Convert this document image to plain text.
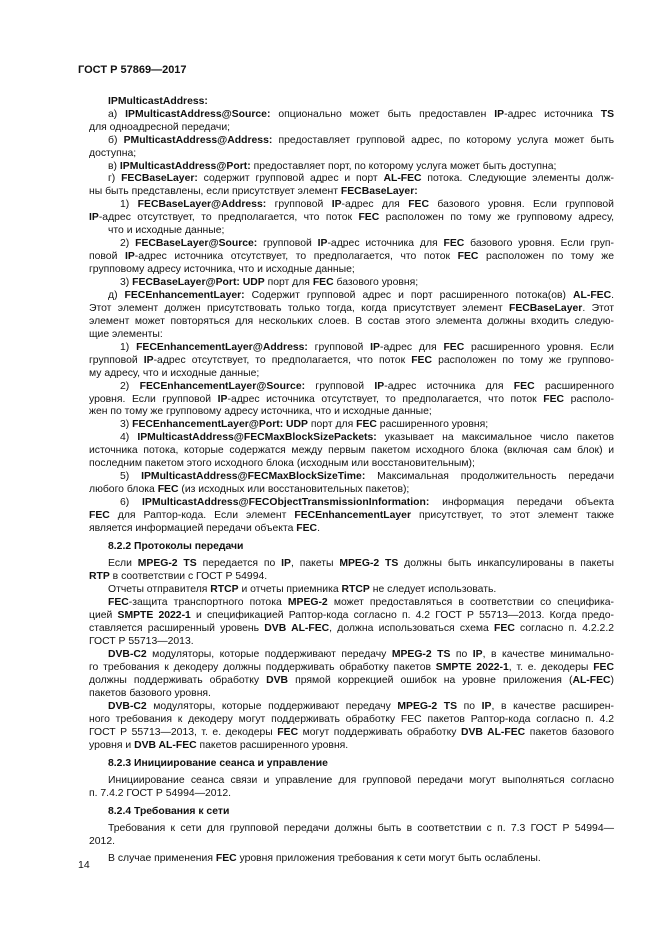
ГОСТ Р 57869—2017
IPMulticastAddress:
а) IPMulticastAddress@Source: опционально может быть предоставлен IP-адрес источника TS
для одноадресной передачи;
б) PMulticastAddress@Address: предоставляет групповой адрес, по которому услуга может быть
доступна;
в) IPMulticastAddress@Port: предоставляет порт, по которому услуга может быть доступна;
г) FECBaseLayer: содержит групповой адрес и порт AL-FEC потока. Следующие элементы долж-
ны быть представлены, если присутствует элемент FECBaseLayer:
1) FECBaseLayer@Address: групповой IP-адрес для FEC базового уровня. Если групповой
IP-адрес отсутствует, то предполагается, что поток FEC расположен по тому же групповому адресу,
что и исходные данные;
2) FECBaseLayer@Source: групповой IP-адрес источника для FEC базового уровня. Если груп-
повой IP-адрес источника отсутствует, то предполагается, что поток FEC расположен по тому же
групповому адресу источника, что и исходные данные;
3) FECBaseLayer@Port: UDP порт для FEC базового уровня;
д) FECEnhancementLayer: Содержит групповой адрес и порт расширенного потока(ов) AL-FEC.
Этот элемент должен присутствовать только тогда, когда присутствует элемент FECBaseLayer. Этот
элемент может повторяться для нескольких слоев. В состав этого элемента должны входить следую-
щие элементы:
1) FECEnhancementLayer@Address: групповой IP-адрес для FEC расширенного уровня. Если
групповой IP-адрес отсутствует, то предполагается, что поток FEC расположен по тому же группово-
му адресу, что и исходные данные;
2) FECEnhancementLayer@Source: групповой IP-адрес источника для FEC расширенного
уровня. Если групповой IP-адрес источника отсутствует, то предполагается, что поток FEC располо-
жен по тому же групповому адресу источника, что и исходные данные;
3) FECEnhancementLayer@Port: UDP порт для FEC расширенного уровня;
4) IPMulticastAddress@FECMaxBlockSizePackets: указывает на максимальное число пакетов
источника потока, которые содержатся между первым пакетом исходного блока (включая сам блок) и
последним пакетом этого исходного блока (исходным или восстановительным);
5) IPMulticastAddress@FECMaxBlockSizeTime: Максимальная продолжительность передачи
любого блока FEC (из исходных или восстановительных пакетов);
6) IPMulticastAddress@FECObjectTransmissionInformation: информация передачи объекта
FEC для Раптор-кода. Если элемент FECEnhancementLayer присутствует, то этот элемент также
является информацией передачи объекта FEC.
8.2.2 Протоколы передачи
Если MPEG-2 TS передается по IP, пакеты MPEG-2 TS должны быть инкапсулированы в пакеты
RTP в соответствии с ГОСТ Р 54994.
Отчеты отправителя RTCP и отчеты приемника RTCP не следует использовать.
FEC-защита транспортного потока MPEG-2 может предоставляться в соответствии со специфика-
цией SMPTE 2022-1 и спецификацией Раптор-кода согласно п. 4.2 ГОСТ Р 55713—2013. Когда предо-
ставляется расширенный уровень DVB AL-FEC, должна использоваться схема FEC согласно п. 4.2.2.2
ГОСТ Р 55713—2013.
DVB-C2 модуляторы, которые поддерживают передачу MPEG-2 TS по IP, в качестве минимально-
го требования к декодеру должны поддерживать обработку пакетов SMPTE 2022-1, т. е. декодеры FEC
должны поддерживать обработку DVB прямой коррекцией ошибок на уровне приложения (AL-FEC)
пакетов базового уровня.
DVB-C2 модуляторы, которые поддерживают передачу MPEG-2 TS по IP, в качестве расширен-
ного требования к декодеру могут поддерживать обработку FEC пакетов Раптор-кода согласно п. 4.2
ГОСТ Р 55713—2013, т. е. декодеры FEC могут поддерживать обработку DVB AL-FEC пакетов базового
уровня и DVB AL-FEC пакетов расширенного уровня.
8.2.3 Инициирование сеанса и управление
Инициирование сеанса связи и управление для групповой передачи могут выполняться согласно
п. 7.4.2 ГОСТ Р 54994—2012.
8.2.4 Требования к сети
Требования к сети для групповой передачи должны быть в соответствии с п. 7.3 ГОСТ Р 54994—
2012.
В случае применения FEC уровня приложения требования к сети могут быть ослаблены.
14
